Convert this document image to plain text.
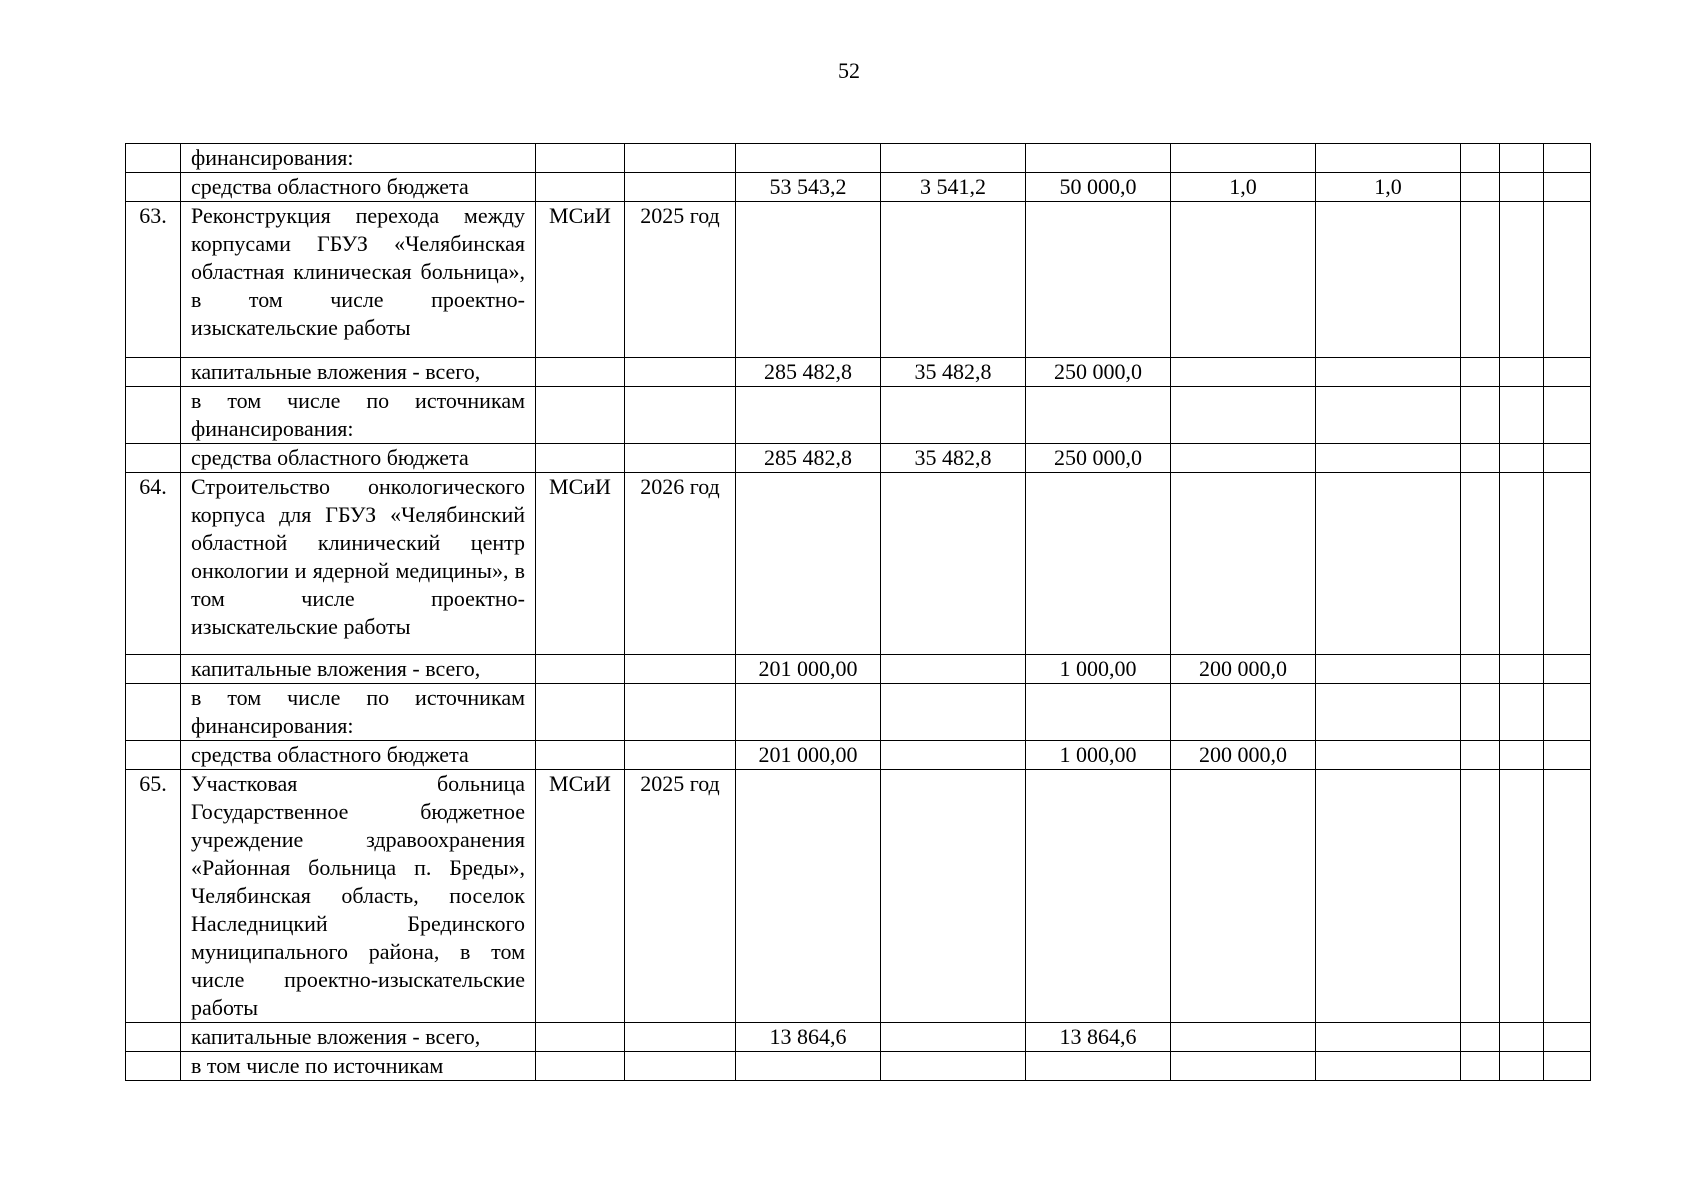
52
	финансирования:										
	средства областного бюджета			53 543,2	3 541,2	50 000,0	1,0	1,0			
63.	Реконструкция перехода между корпусами ГБУЗ «Челябинская областная клиническая больница», в том числе проектно-изыскательские работы	МСиИ	2025 год								
	капитальные вложения - всего,			285 482,8	35 482,8	250 000,0					
	в том числе по источникам финансирования:										
	средства областного бюджета			285 482,8	35 482,8	250 000,0					
64.	Строительство онкологического корпуса для ГБУЗ «Челябинский областной клинический центр онкологии и ядерной медицины», в том числе проектно-изыскательские работы	МСиИ	2026 год								
	капитальные вложения - всего,			201 000,00		1 000,00	200 000,0				
	в том числе по источникам финансирования:										
	средства областного бюджета			201 000,00		1 000,00	200 000,0				
65.	Участковая больница Государственное бюджетное учреждение здравоохранения «Районная больница п. Бреды», Челябинская область, поселок Наследницкий Брединского муниципального района, в том числе проектно-изыскательские работы	МСиИ	2025 год								
	капитальные вложения - всего,			13 864,6		13 864,6					
	в том числе по источникам										
